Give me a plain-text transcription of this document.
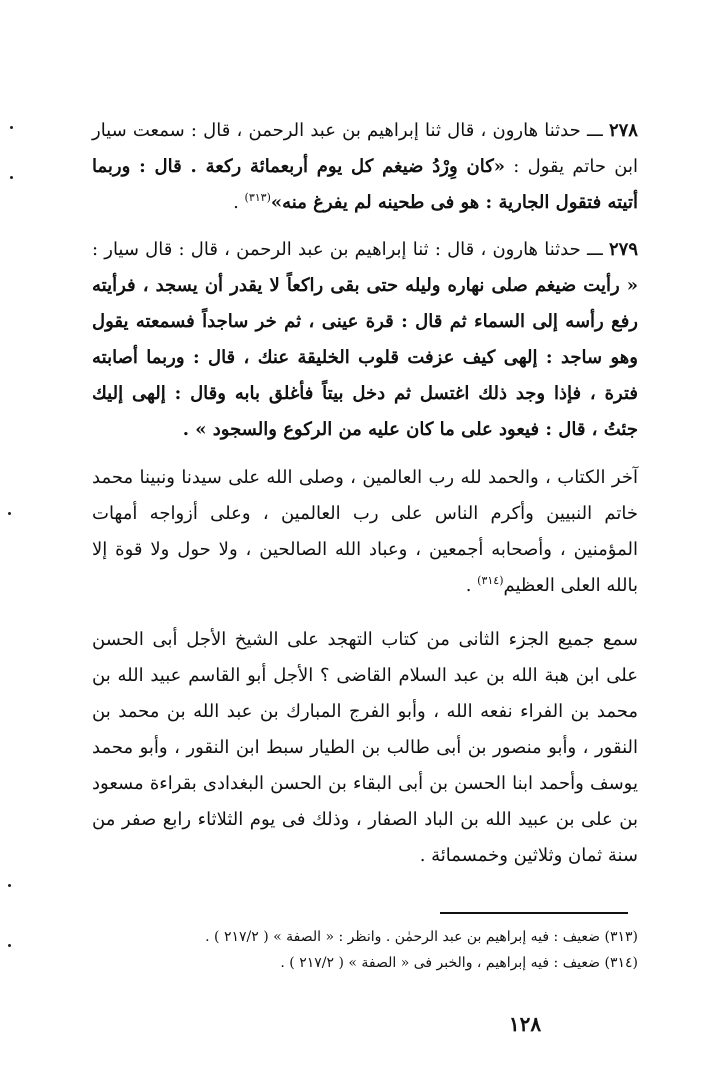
٢٧٨ ـــ حدثنا هارون ، قال ثنا إبراهيم بن عبد الرحمن ، قال : سمعت سيار ابن حاتم يقول : «كان وِرْدُ ضيغم كل يوم أربعمائة ركعة . قال : وربما أتيته فتقول الجارية : هو فى طحينه لم يفرغ منه»$^{(٣١٣)}$ .

٢٧٩ ـــ حدثنا هارون ، قال : ثنا إبراهيم بن عبد الرحمن ، قال : قال سيار : « رأيت ضيغم صلى نهاره وليله حتى بقى راكعاً لا يقدر أن يسجد ، فرأيته رفع رأسه إلى السماء ثم قال : قرة عينى ، ثم خر ساجداً فسمعته يقول وهو ساجد : إلهى كيف عزفت قلوب الخليقة عنك ، قال : وربما أصابته فترة ، فإذا وجد ذلك اغتسل ثم دخل بيتاً فأغلق بابه وقال : إلهى إليك جئتُ ، قال : فيعود على ما كان عليه من الركوع والسجود » .

آخر الكتاب ، والحمد لله رب العالمين ، وصلى الله على سيدنا ونبينا محمد خاتم النبيين وأكرم الناس على رب العالمين ، وعلى أزواجه أمهات المؤمنين ، وأصحابه أجمعين ، وعباد الله الصالحين ، ولا حول ولا قوة إلا بالله العلى العظيم$^{(٣١٤)}$ .

سمع جميع الجزء الثانى من كتاب التهجد على الشيخ الأجل أبى الحسن على ابن هبة الله بن عبد السلام القاضى ؟ الأجل أبو القاسم عبيد الله بن محمد بن الفراء نفعه الله ، وأبو الفرج المبارك بن عبد الله بن محمد بن النقور ، وأبو منصور بن أبى طالب بن الطيار سبط ابن النقور ، وأبو محمد يوسف وأحمد ابنا الحسن بن أبى البقاء بن الحسن البغدادى بقراءة مسعود بن على بن عبيد الله بن الباد الصفار ، وذلك فى يوم الثلاثاء رابع صفر من سنة ثمان وثلاثين وخمسمائة .

(٣١٣) ضعيف : فيه إبراهيم بن عبد الرحمٰن . وانظر : « الصفة » ( ٢١٧/٢ ) .
(٣١٤) ضعيف : فيه إبراهيم ، والخبر فى « الصفة » ( ٢١٧/٢ ) .
١٢٨
